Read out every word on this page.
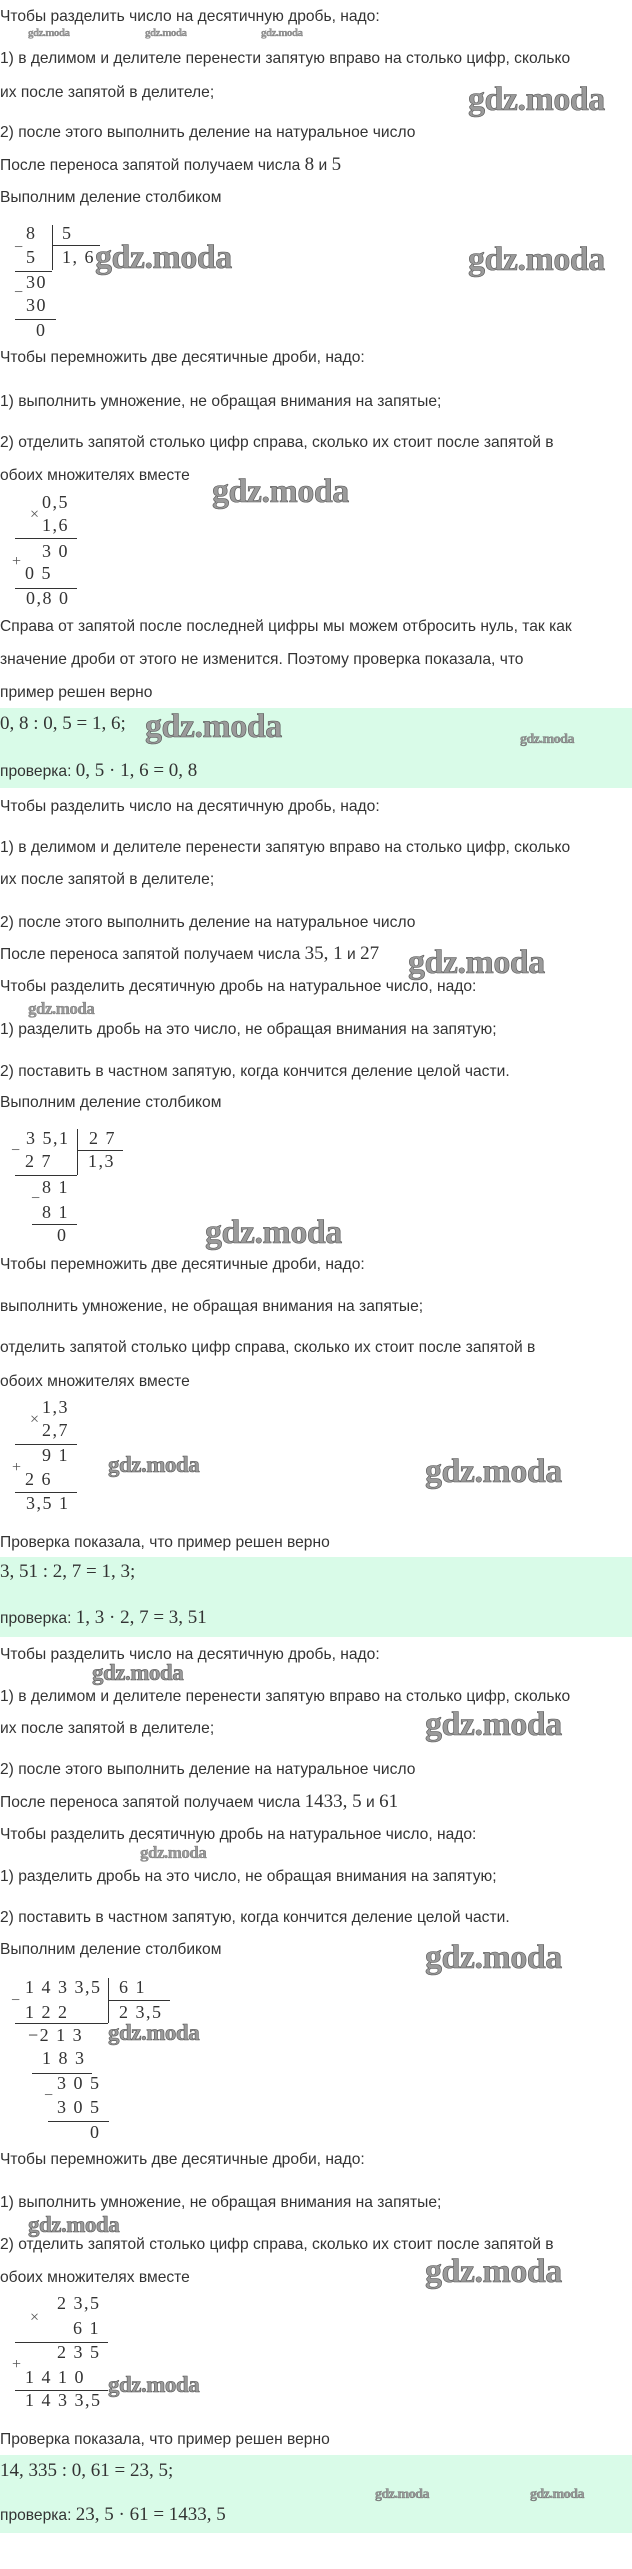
Чтобы разделить число на десятичную дробь, надо:
gdz.moda	gdz.moda	gdz.moda
1) в делимом и делителе перенести запятую вправо на столько цифр, сколько
их после запятой в делителе;	gdz.moda
2) после этого выполнить деление на натуральное число
После переноса запятой получаем числа 8 и 5
Выполним деление столбиком
8 5
− 5 1, 6
30
−
30
0
gdz.moda	gdz.moda
Чтобы перемножить две десятичные дроби, надо:
1) выполнить умножение, не обращая внимания на запятые;
2) отделить запятой столько цифр справа, сколько их стоит после запятой в
обоих множителях вместе gdz.moda
0,5
×
1,6
3 0
+
0 5
0,8 0
Справа от запятой после последней цифры мы можем отбросить нуль, так как
значение дроби от этого не изменится. Поэтому проверка показала, что
пример решен верно
0, 8 : 0, 5 = 1, 6; gdz.moda	gdz.moda
проверка: 0, 5 · 1, 6 = 0, 8
Чтобы разделить число на десятичную дробь, надо:
1) в делимом и делителе перенести запятую вправо на столько цифр, сколько
их после запятой в делителе;
2) после этого выполнить деление на натуральное число
После переноса запятой получаем числа 35, 1 и 27 gdz.moda
Чтобы разделить десятичную дробь на натуральное число, надо:
gdz.moda
1) разделить дробь на это число, не обращая внимания на запятую;
2) поставить в частном запятую, когда кончится деление целой части.
Выполним деление столбиком
3 5,1 2 7
−
2 7 1,3
8 1
−
8 1
0	gdz.moda
Чтобы перемножить две десятичные дроби, надо:
выполнить умножение, не обращая внимания на запятые;
отделить запятой столько цифр справа, сколько их стоит после запятой в
обоих множителях вместе
1,3
×
2,7
9 1
+
2 6
3,5 1
gdz.moda	gdz.moda
Проверка показала, что пример решен верно
3, 51 : 2, 7 = 1, 3;
проверка: 1, 3 · 2, 7 = 3, 51
Чтобы разделить число на десятичную дробь, надо:
gdz.moda
1) в делимом и делителе перенести запятую вправо на столько цифр, сколько
их после запятой в делителе;	gdz.moda
2) после этого выполнить деление на натуральное число
После переноса запятой получаем числа 1433, 5 и 61
Чтобы разделить десятичную дробь на натуральное число, надо:
gdz.moda
1) разделить дробь на это число, не обращая внимания на запятую;
2) поставить в частном запятую, когда кончится деление целой части.
Выполним деление столбиком	gdz.moda
1 4 3 3,5 6 1
−
1 2 2	2 3,5
−2 1 3
1 8 3
3 0 5
−
3 0 5
0
gdz.moda
Чтобы перемножить две десятичные дроби, надо:
1) выполнить умножение, не обращая внимания на запятые;
gdz.moda
2) отделить запятой столько цифр справа, сколько их стоит после запятой в
обоих множителях вместе	gdz.moda
2 3,5
×
6 1
2 3 5
+
1 4 1 0
1 4 3 3,5
gdz.moda
Проверка показала, что пример решен верно
14, 335 : 0, 61 = 23, 5;
gdz.moda	gdz.moda
проверка: 23, 5 · 61 = 1433, 5
